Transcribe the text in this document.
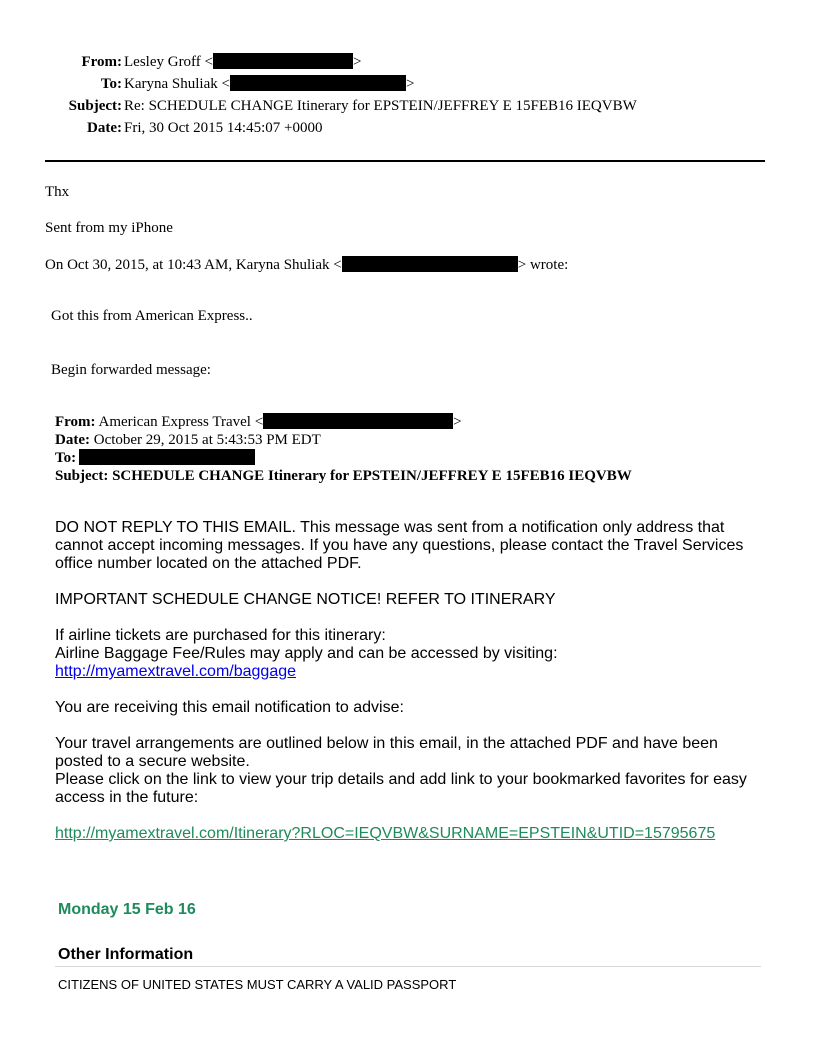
From: Lesley Groff <	>
To: Karyna Shuliak <	>
Subject: Re: SCHEDULE CHANGE Itinerary for EPSTEIN/JEFFREY E 15FEB16 IEQVBW
Date: Fri, 30 Oct 2015 14:45:07 +0000
Thx
Sent from my iPhone
On Oct 30, 2015, at 10:43 AM, Karyna Shuliak <	> wrote:
Got this from American Express..
Begin forwarded message:
From: American Express Travel <	>
Date: October 29, 2015 at 5:43:53 PM EDT
To:
Subject: SCHEDULE CHANGE Itinerary for EPSTEIN/JEFFREY E 15FEB16 IEQVBW
DO NOT REPLY TO THIS EMAIL. This message was sent from a notification only address that
cannot accept incoming messages. If you have any questions, please contact the Travel Services
office number located on the attached PDF.
IMPORTANT SCHEDULE CHANGE NOTICE! REFER TO ITINERARY
If airline tickets are purchased for this itinerary:
Airline Baggage Fee/Rules may apply and can be accessed by visiting:
http://myamextravel.com/baggage
You are receiving this email notification to advise:
Your travel arrangements are outlined below in this email, in the attached PDF and have been
posted to a secure website.
Please click on the link to view your trip details and add link to your bookmarked favorites for easy
access in the future:
http://myamextravel.com/Itinerary?RLOC=IEQVBW&SURNAME=EPSTEIN&UTID=15795675
Monday 15 Feb 16
Other Information
CITIZENS OF UNITED STATES MUST CARRY A VALID PASSPORT
